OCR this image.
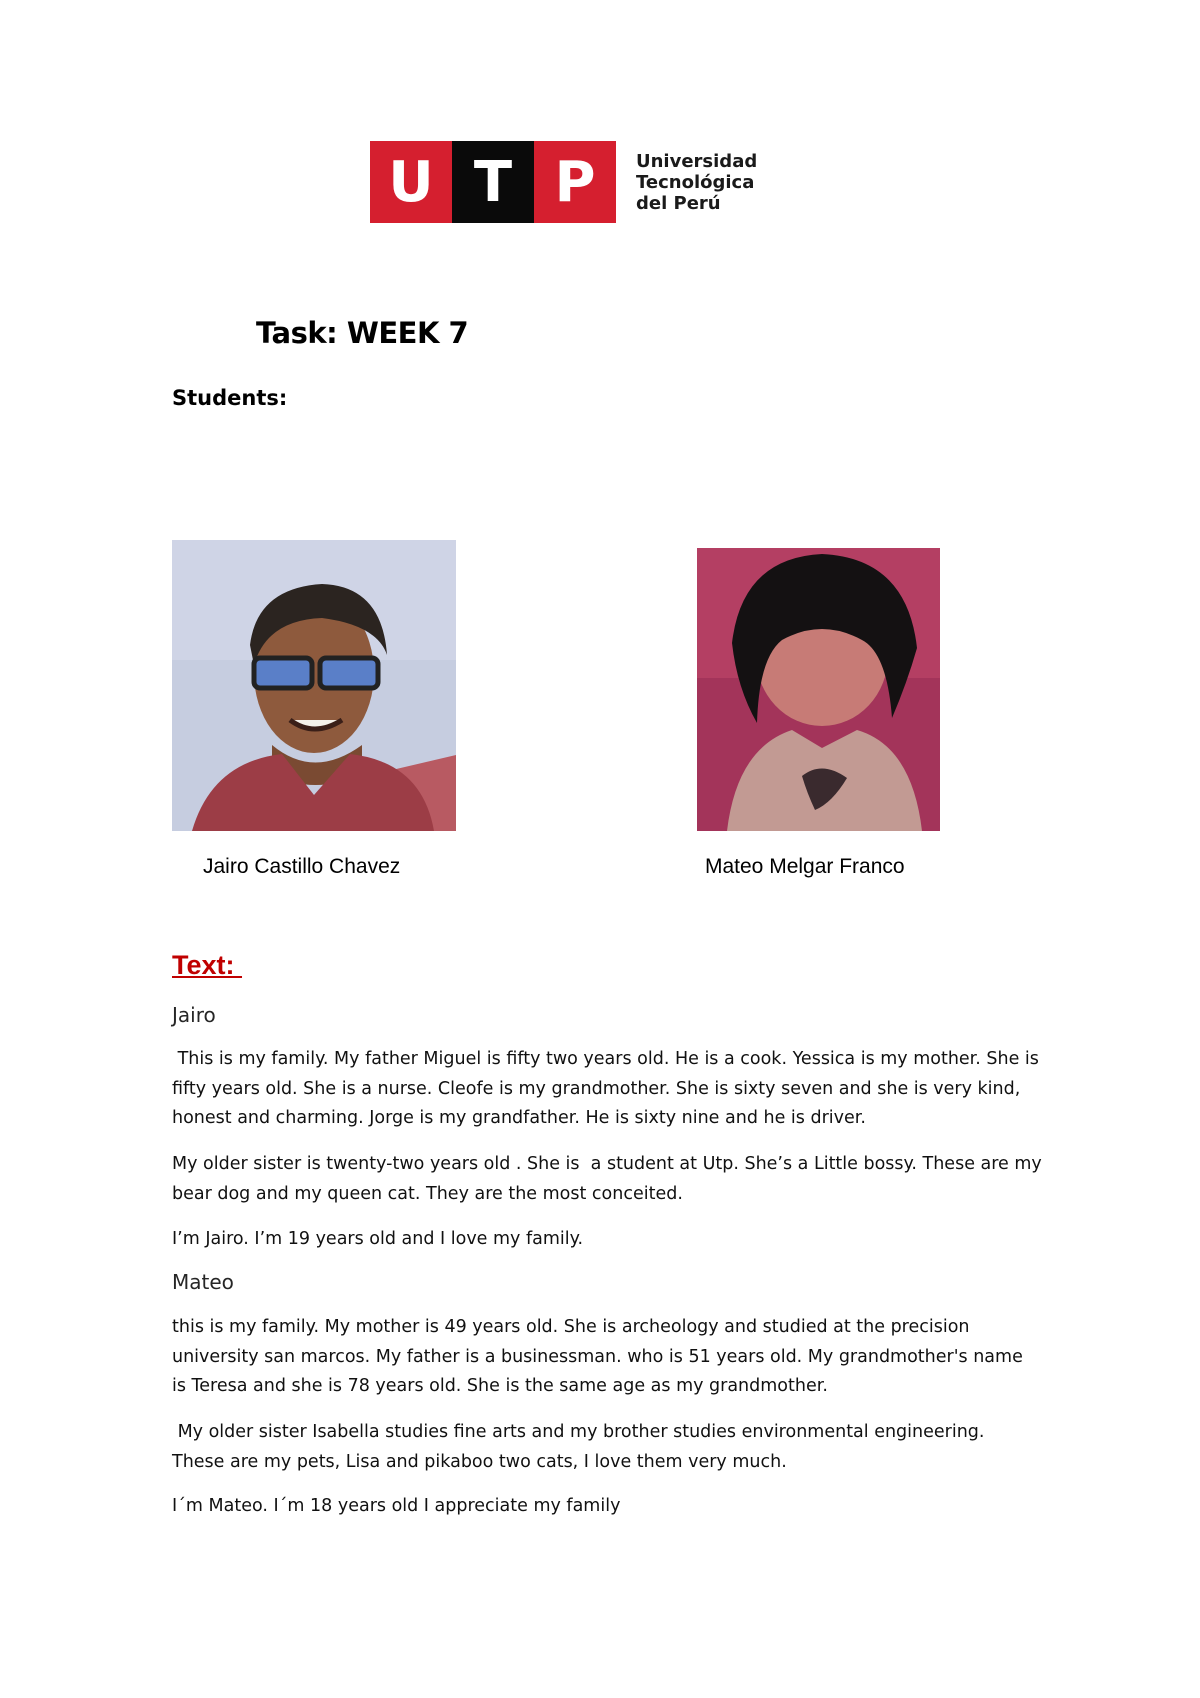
U T P	Universidad
Tecnológica
del Perú
Task: WEEK 7
Students:
Jairo Castillo Chavez	Mateo Melgar Franco
Text:
Jairo
This is my family. My father Miguel is fifty two years old. He is a cook. Yessica is my mother. She is fifty years old. She is a nurse. Cleofe is my grandmother. She is sixty seven and she is very kind, honest and charming. Jorge is my grandfather. He is sixty nine and he is driver.
My older sister is twenty-two years old . She is  a student at Utp. She’s a Little bossy. These are my bear dog and my queen cat. They are the most conceited.
I’m Jairo. I’m 19 years old and I love my family.
Mateo
this is my family. My mother is 49 years old. She is archeology and studied at the precision university san marcos. My father is a businessman. who is 51 years old. My grandmother's name is Teresa and she is 78 years old. She is the same age as my grandmother.
My older sister Isabella studies fine arts and my brother studies environmental engineering. These are my pets, Lisa and pikaboo two cats, I love them very much.
I´m Mateo. I´m 18 years old I appreciate my family
